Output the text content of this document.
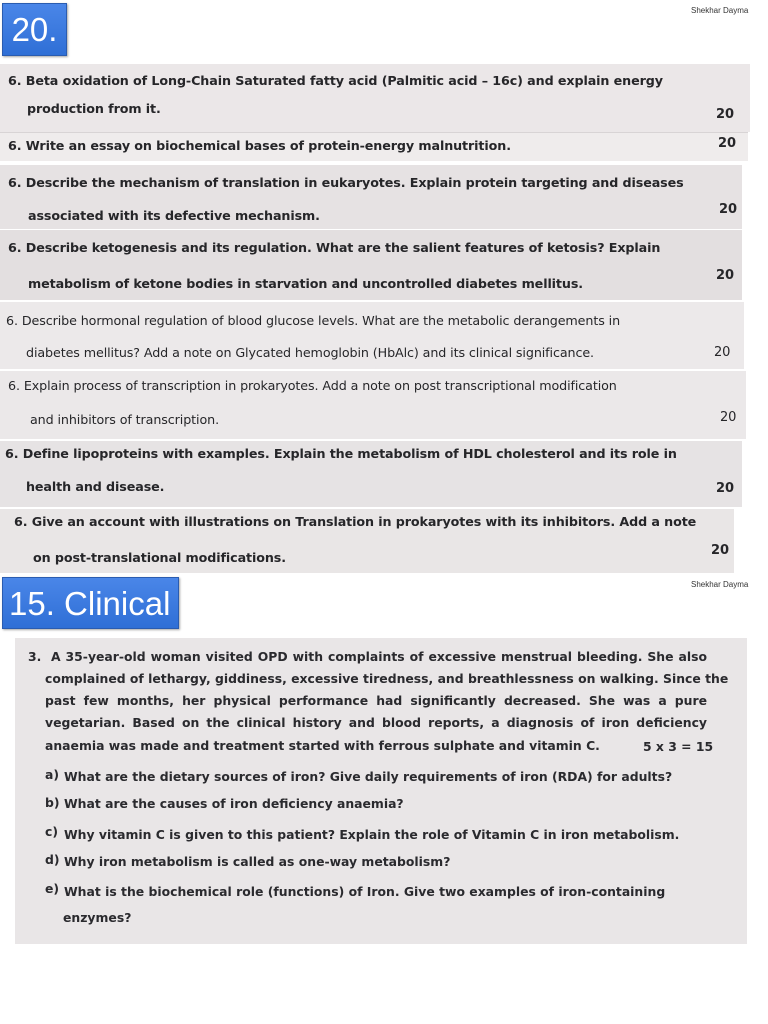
20.
Shekhar Dayma
6. Beta oxidation of Long-Chain Saturated fatty acid (Palmitic acid – 16c) and explain energy
production from it.	20
6. Write an essay on biochemical bases of protein-energy malnutrition.	20
6. Describe the mechanism of translation in eukaryotes. Explain protein targeting and diseases
associated with its defective mechanism.	20
6. Describe ketogenesis and its regulation. What are the salient features of ketosis? Explain
metabolism of ketone bodies in starvation and uncontrolled diabetes mellitus.
20
6. Describe hormonal regulation of blood glucose levels. What are the metabolic derangements in
diabetes mellitus? Add a note on Glycated hemoglobin (HbAlc) and its clinical significance.	20
6. Explain process of transcription in prokaryotes. Add a note on post transcriptional modification
and inhibitors of transcription.	20
6. Define lipoproteins with examples. Explain the metabolism of HDL cholesterol and its role in
health and disease.	20
6. Give an account with illustrations on Translation in prokaryotes with its inhibitors. Add a note
on post-translational modifications.	20
15. Clinical	Shekhar Dayma
3. A 35-year-old woman visited OPD with complaints of excessive menstrual bleeding. She also
complained of lethargy, giddiness, excessive tiredness, and breathlessness on walking. Since the
past few months, her physical performance had significantly decreased. She was a pure
vegetarian. Based on the clinical history and blood reports, a diagnosis of iron deficiency
anaemia was made and treatment started with ferrous sulphate and vitamin C.	5 x 3 = 15
a) What are the dietary sources of iron? Give daily requirements of iron (RDA) for adults?
b) What are the causes of iron deficiency anaemia?
c) Why vitamin C is given to this patient? Explain the role of Vitamin C in iron metabolism.
d) Why iron metabolism is called as one-way metabolism?
e) What is the biochemical role (functions) of Iron. Give two examples of iron-containing
enzymes?
